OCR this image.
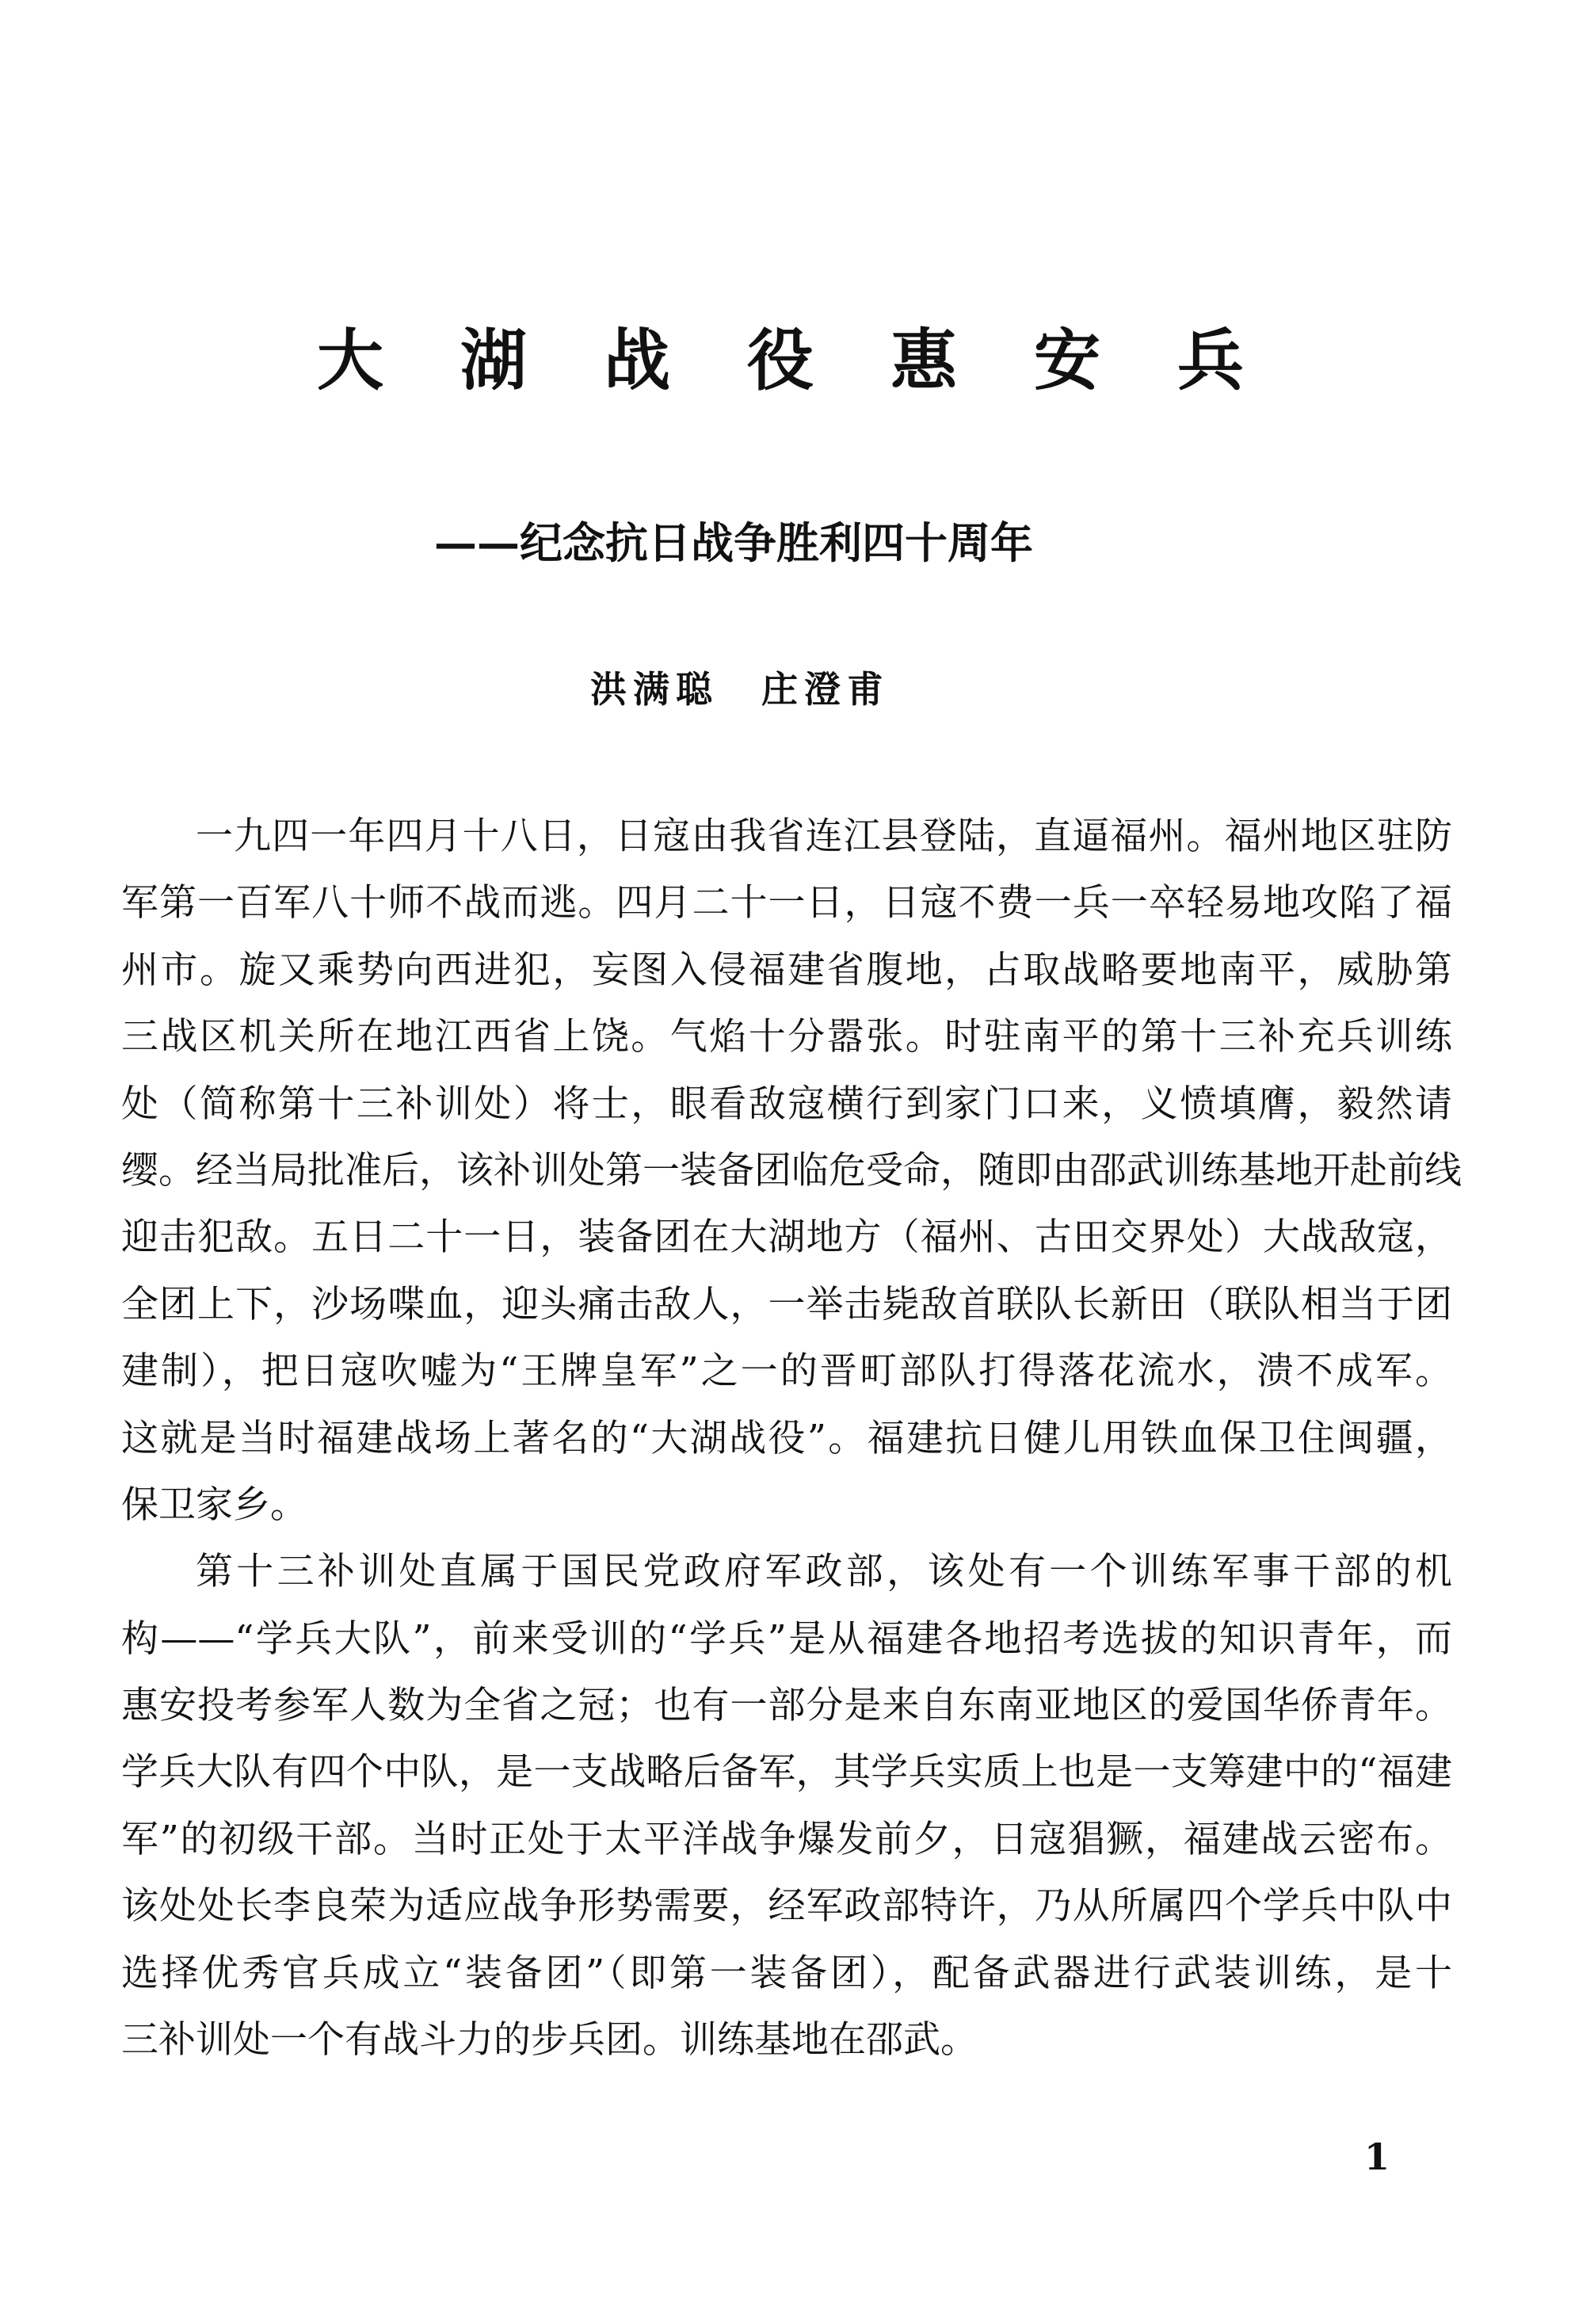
大湖战役惠安兵
——纪念抗日战争胜利四十周年
洪满聪　庄澄甫
一九四一年四月十八日，日寇由我省连江县登陆，直逼福州。福州地区驻防
军第一百军八十师不战而逃。四月二十一日，日寇不费一兵一卒轻易地攻陷了福
州市。旋又乘势向西进犯，妄图入侵福建省腹地，占取战略要地南平，威胁第
三战区机关所在地江西省上饶。气焰十分嚣张。时驻南平的第十三补充兵训练
处（简称第十三补训处）将士，眼看敌寇横行到家门口来，义愤填膺，毅然请
缨。经当局批准后，该补训处第一装备团临危受命，随即由邵武训练基地开赴前线
迎击犯敌。五日二十一日，装备团在大湖地方（福州、古田交界处）大战敌寇，
全团上下，沙场喋血，迎头痛击敌人，一举击毙敌首联队长新田（联队相当于团
建制），把日寇吹嘘为“王牌皇军”之一的晋町部队打得落花流水，溃不成军。
这就是当时福建战场上著名的“大湖战役”。福建抗日健儿用铁血保卫住闽疆，
保卫家乡。
第十三补训处直属于国民党政府军政部，该处有一个训练军事干部的机
构——“学兵大队”，前来受训的“学兵”是从福建各地招考选拔的知识青年，而
惠安投考参军人数为全省之冠；也有一部分是来自东南亚地区的爱国华侨青年。
学兵大队有四个中队，是一支战略后备军，其学兵实质上也是一支筹建中的“福建
军”的初级干部。当时正处于太平洋战争爆发前夕，日寇猖獗，福建战云密布。
该处处长李良荣为适应战争形势需要，经军政部特许，乃从所属四个学兵中队中
选择优秀官兵成立“装备团”（即第一装备团），配备武器进行武装训练，是十
三补训处一个有战斗力的步兵团。训练基地在邵武。
1
